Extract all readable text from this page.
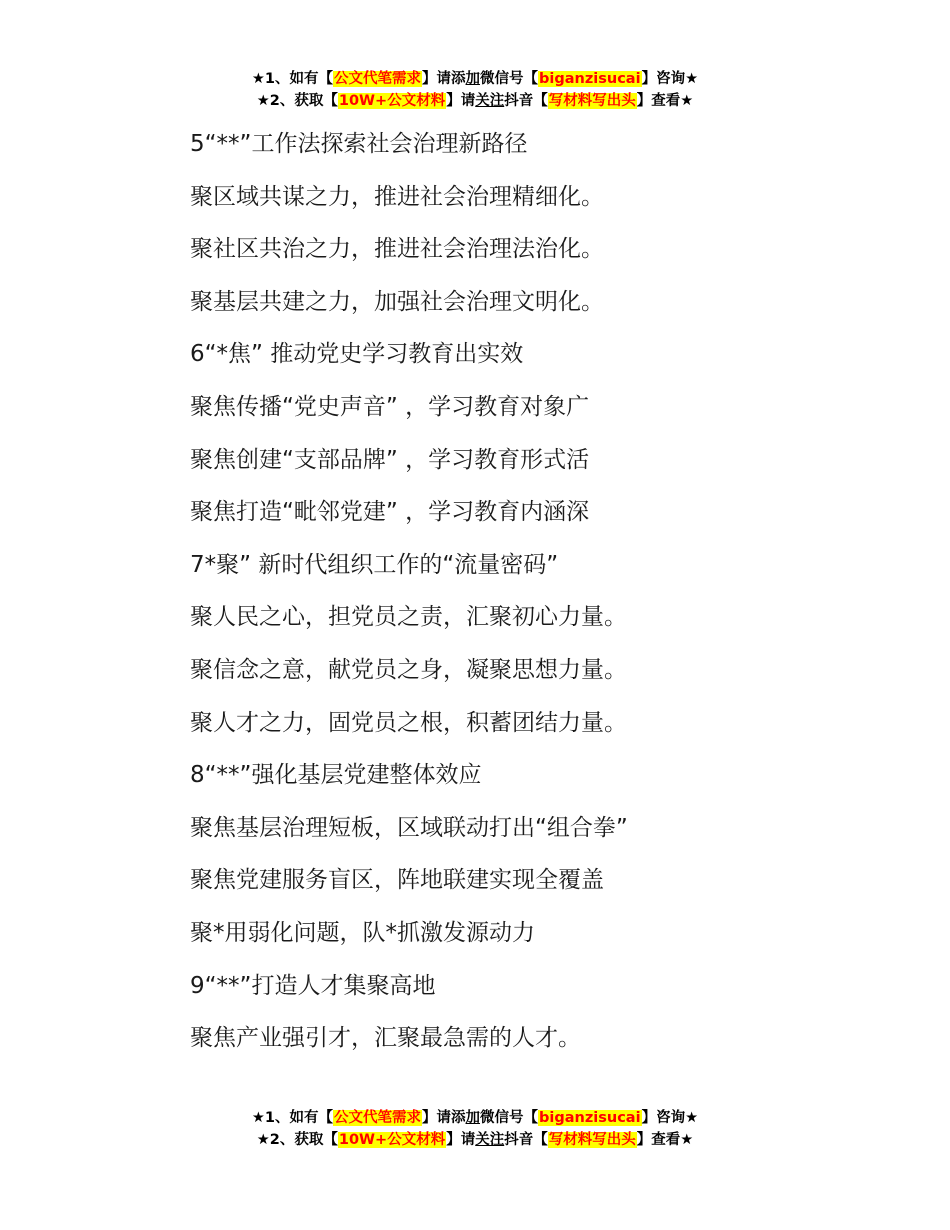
★1、如有【公文代笔需求】请添加微信号【biganzisucai】咨询★
★2、获取【10W+公文材料】请关注抖音【写材料写出头】查看★
5“**”工作法探索社会治理新路径
聚区域共谋之力，推进社会治理精细化。
聚社区共治之力，推进社会治理法治化。
聚基层共建之力，加强社会治理文明化。
6“*焦” 推动党史学习教育出实效
聚焦传播“党史声音” ，学习教育对象广
聚焦创建“支部品牌” ，学习教育形式活
聚焦打造“毗邻党建” ，学习教育内涵深
7*聚” 新时代组织工作的“流量密码”
聚人民之心，担党员之责，汇聚初心力量。
聚信念之意，献党员之身，凝聚思想力量。
聚人才之力，固党员之根，积蓄团结力量。
8“**”强化基层党建整体效应
聚焦基层治理短板，区域联动打出“组合拳”
聚焦党建服务盲区，阵地联建实现全覆盖
聚*用弱化问题，队*抓激发源动力
9“**”打造人才集聚高地
聚焦产业强引才，汇聚最急需的人才。
★1、如有【公文代笔需求】请添加微信号【biganzisucai】咨询★
★2、获取【10W+公文材料】请关注抖音【写材料写出头】查看★
